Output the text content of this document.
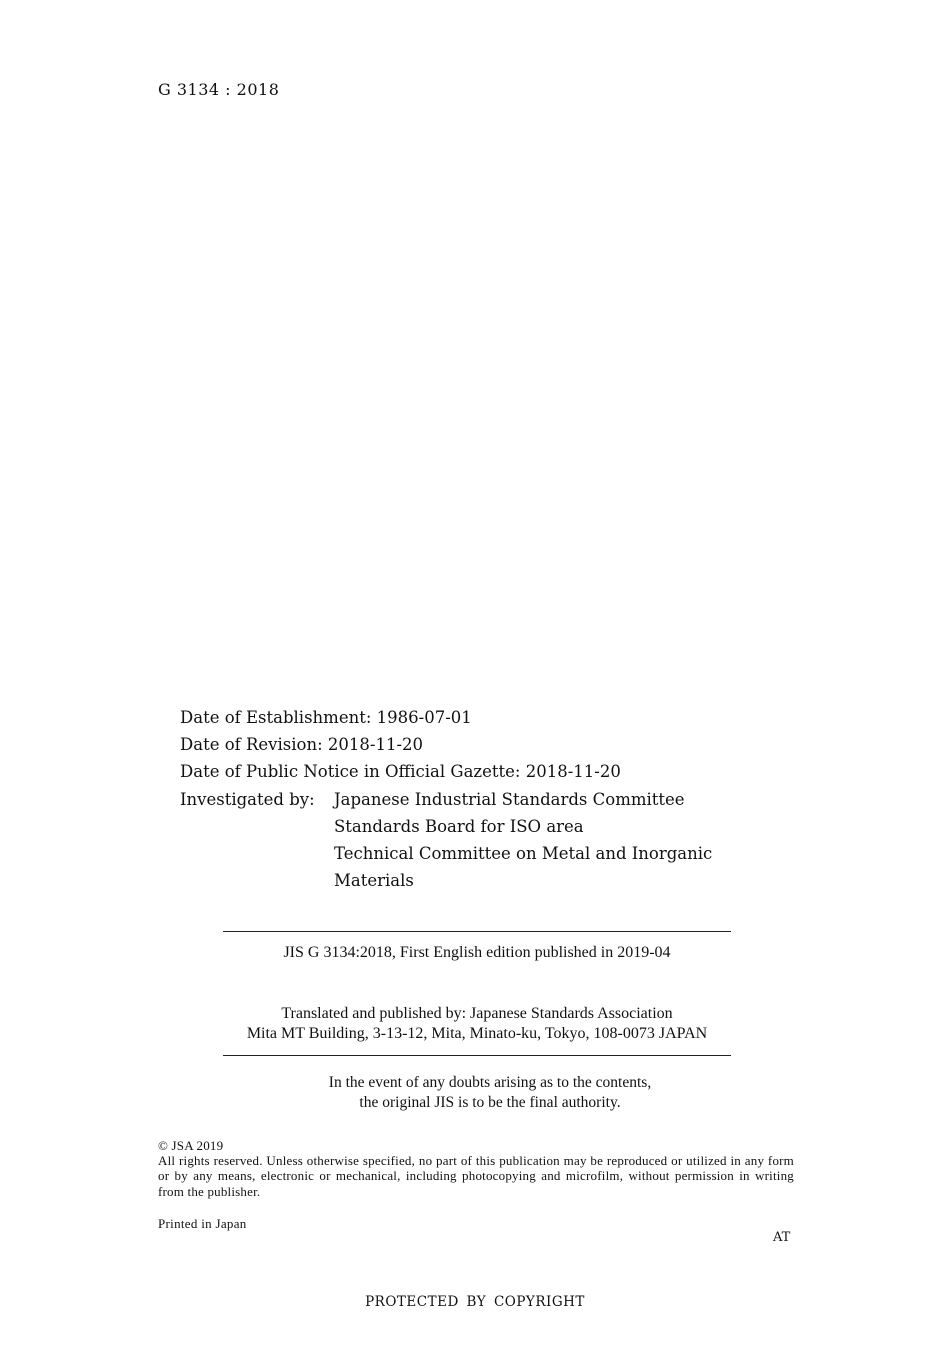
G 3134 : 2018
Date of Establishment: 1986-07-01
Date of Revision: 2018-11-20
Date of Public Notice in Official Gazette: 2018-11-20
Investigated by:	Japanese Industrial Standards Committee
Standards Board for ISO area
Technical Committee on Metal and Inorganic
Materials
JIS G 3134:2018, First English edition published in 2019-04
Translated and published by: Japanese Standards Association
Mita MT Building, 3-13-12, Mita, Minato-ku, Tokyo, 108-0073 JAPAN
In the event of any doubts arising as to the contents,
the original JIS is to be the final authority.
© JSA 2019
All rights reserved. Unless otherwise specified, no part of this publication may be reproduced or utilized in any form or by any means, electronic or mechanical, including photocopying and microfilm, without permission in writing from the publisher.
Printed in Japan
AT
PROTECTED BY COPYRIGHT
